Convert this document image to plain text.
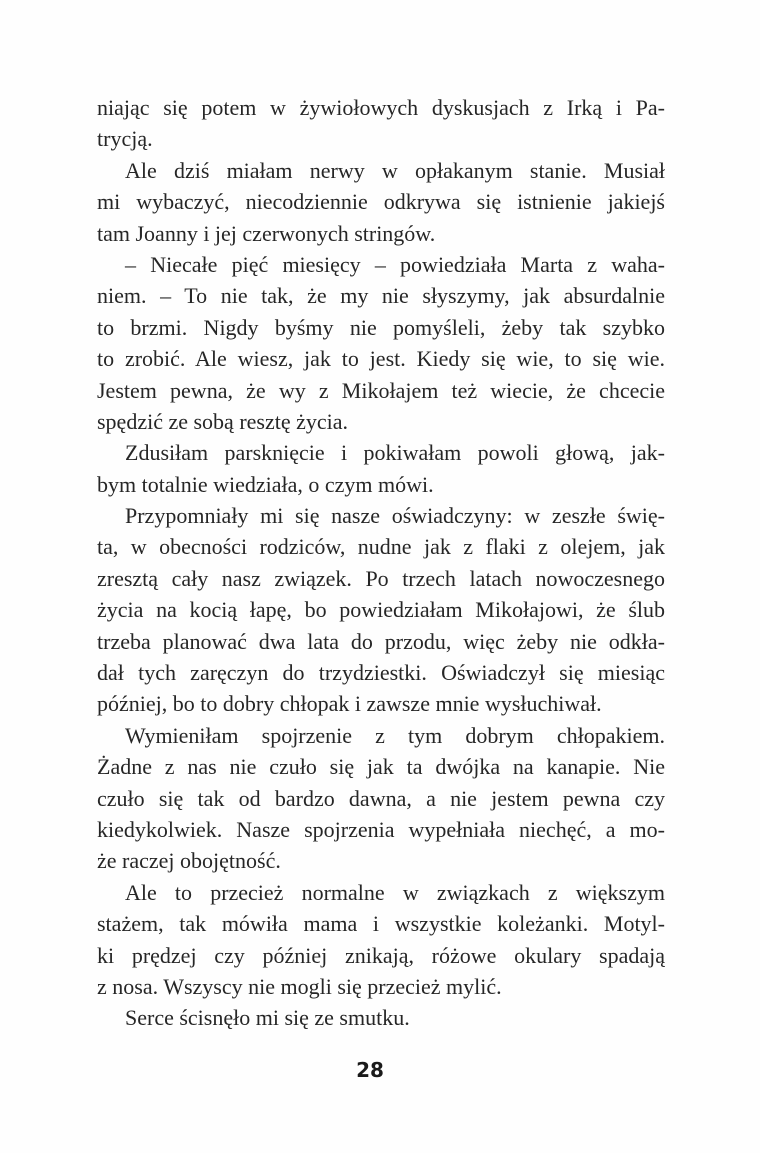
niając się potem w żywiołowych dyskusjach z Irką i Pa-
trycją.
Ale dziś miałam nerwy w opłakanym stanie. Musiał
mi wybaczyć, niecodziennie odkrywa się istnienie jakiejś
tam Joanny i jej czerwonych stringów.
– Niecałe pięć miesięcy – powiedziała Marta z waha-
niem. – To nie tak, że my nie słyszymy, jak absurdalnie
to brzmi. Nigdy byśmy nie pomyśleli, żeby tak szybko
to zrobić. Ale wiesz, jak to jest. Kiedy się wie, to się wie.
Jestem pewna, że wy z Mikołajem też wiecie, że chcecie
spędzić ze sobą resztę życia.
Zdusiłam parsknięcie i pokiwałam powoli głową, jak-
bym totalnie wiedziała, o czym mówi.
Przypomniały mi się nasze oświadczyny: w zeszłe świę-
ta, w obecności rodziców, nudne jak z flaki z olejem, jak
zresztą cały nasz związek. Po trzech latach nowoczesnego
życia na kocią łapę, bo powiedziałam Mikołajowi, że ślub
trzeba planować dwa lata do przodu, więc żeby nie odkła-
dał tych zaręczyn do trzydziestki. Oświadczył się miesiąc
później, bo to dobry chłopak i zawsze mnie wysłuchiwał.
Wymieniłam spojrzenie z tym dobrym chłopakiem.
Żadne z nas nie czuło się jak ta dwójka na kanapie. Nie
czuło się tak od bardzo dawna, a nie jestem pewna czy
kiedykolwiek. Nasze spojrzenia wypełniała niechęć, a mo-
że raczej obojętność.
Ale to przecież normalne w związkach z większym
stażem, tak mówiła mama i wszystkie koleżanki. Motyl-
ki prędzej czy później znikają, różowe okulary spadają
z nosa. Wszyscy nie mogli się przecież mylić.
Serce ścisnęło mi się ze smutku.
28
